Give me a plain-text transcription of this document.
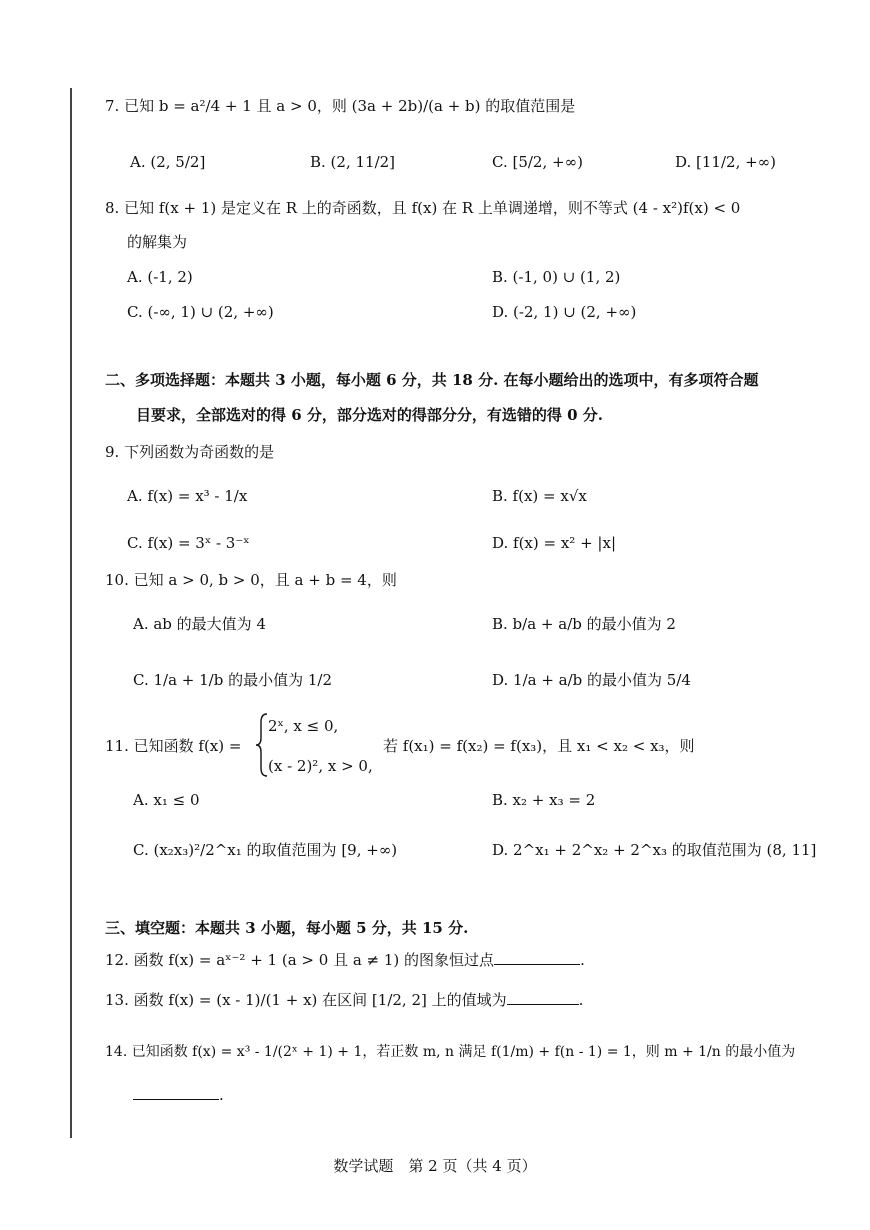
7. 已知 b = a²/4 + 1 且 a > 0，则 (3a + 2b)/(a + b) 的取值范围是
A. (2, 5/2]	B. (2, 11/2]	C. [5/2, +∞)	D. [11/2, +∞)
8. 已知 f(x + 1) 是定义在 R 上的奇函数，且 f(x) 在 R 上单调递增，则不等式 (4 - x²)f(x) < 0
的解集为
A. (-1, 2)	B. (-1, 0) ∪ (1, 2)
C. (-∞, 1) ∪ (2, +∞)	D. (-2, 1) ∪ (2, +∞)
二、多项选择题：本题共 3 小题，每小题 6 分，共 18 分. 在每小题给出的选项中，有多项符合题
目要求，全部选对的得 6 分，部分选对的得部分分，有选错的得 0 分.
9. 下列函数为奇函数的是
A. f(x) = x³ - 1/x	B. f(x) = x√x
C. f(x) = 3ˣ - 3⁻ˣ	D. f(x) = x² + |x|
10. 已知 a > 0, b > 0，且 a + b = 4，则
A. ab 的最大值为 4	B. b/a + a/b 的最小值为 2
C. 1/a + 1/b 的最小值为 1/2	D. 1/a + a/b 的最小值为 5/4
11. 已知函数 f(x) =
2ˣ, x ≤ 0,
(x - 2)², x > 0,
若 f(x₁) = f(x₂) = f(x₃)，且 x₁ < x₂ < x₃，则
A. x₁ ≤ 0	B. x₂ + x₃ = 2
C. (x₂x₃)²/2^x₁ 的取值范围为 [9, +∞)	D. 2^x₁ + 2^x₂ + 2^x₃ 的取值范围为 (8, 11]
三、填空题：本题共 3 小题，每小题 5 分，共 15 分.
12. 函数 f(x) = aˣ⁻² + 1 (a > 0 且 a ≠ 1) 的图象恒过点	.
13. 函数 f(x) = (x - 1)/(1 + x) 在区间 [1/2, 2] 上的值域为	.
14. 已知函数 f(x) = x³ - 1/(2ˣ + 1) + 1，若正数 m, n 满足 f(1/m) + f(n - 1) = 1，则 m + 1/n 的最小值为
.
数学试题　第 2 页（共 4 页）
